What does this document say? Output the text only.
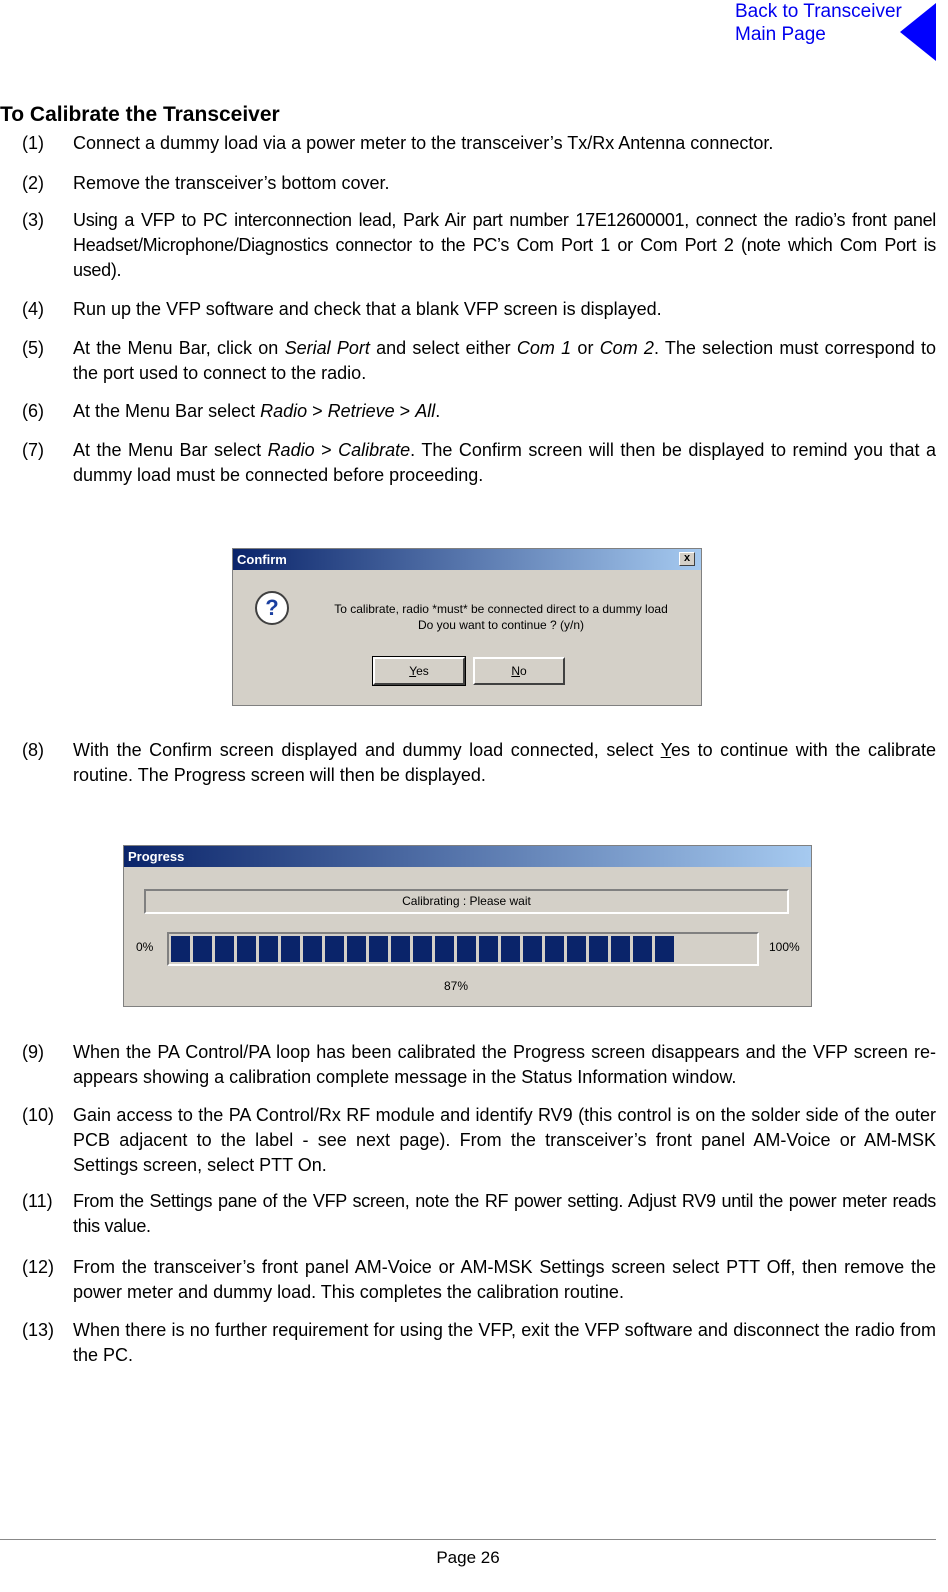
Back to Transceiver
Main Page
To Calibrate the Transceiver
(1) Connect a dummy load via a power meter to the transceiver’s Tx/Rx Antenna connector.
(2) Remove the transceiver’s bottom cover.
(3) Using a VFP to PC interconnection lead, Park Air part number 17E12600001, connect the radio’s front panel Headset/Microphone/Diagnostics connector to the PC’s Com Port 1 or Com Port 2 (note which Com Port is used).
(4) Run up the VFP software and check that a blank VFP screen is displayed.
(5) At the Menu Bar, click on Serial Port and select either Com 1 or Com 2. The selection must correspond to the port used to connect to the radio.
(6) At the Menu Bar select Radio > Retrieve > All.
(7) At the Menu Bar select Radio > Calibrate. The Confirm screen will then be displayed to remind you that a dummy load must be connected before proceeding.
Confirm	x
?	To calibrate, radio *must* be connected direct to a dummy load
Do you want to continue ? (y/n)
Yes	No
(8) With the Confirm screen displayed and dummy load connected, select Yes to continue with the calibrate routine. The Progress screen will then be displayed.
Progress
Calibrating : Please wait
0%	100%
87%
(9) When the PA Control/PA loop has been calibrated the Progress screen disappears and the VFP screen re-appears showing a calibration complete message in the Status Information window.
(10) Gain access to the PA Control/Rx RF module and identify RV9 (this control is on the solder side of the outer PCB adjacent to the label - see next page). From the transceiver’s front panel AM-Voice or AM-MSK Settings screen, select PTT On.
(11) From the Settings pane of the VFP screen, note the RF power setting. Adjust RV9 until the power meter reads this value.
(12) From the transceiver’s front panel AM-Voice or AM-MSK Settings screen select PTT Off, then remove the power meter and dummy load. This completes the calibration routine.
(13) When there is no further requirement for using the VFP, exit the VFP software and disconnect the radio from the PC.
Page 26
